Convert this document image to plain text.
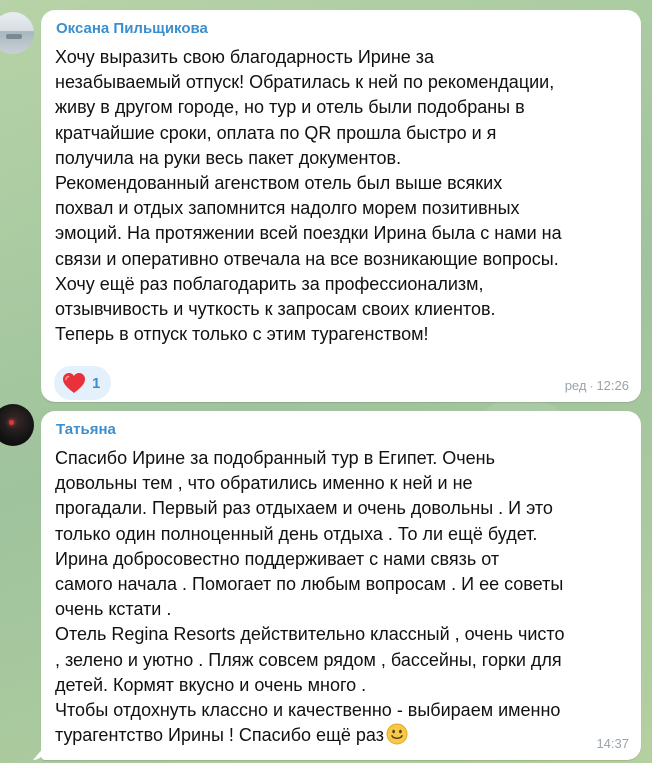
Оксана Пильщикова

Хочу выразить свою благодарность Ирине за
незабываемый отпуск! Обратилась к ней по рекомендации,
живу в другом городе, но тур и отель были подобраны в
кратчайшие сроки, оплата по QR прошла быстро и я
получила на руки весь пакет документов.
Рекомендованный агенством отель был выше всяких
похвал и отдых запомнится надолго морем позитивных
эмоций. На протяжении всей поездки Ирина была с нами на
связи и оперативно отвечала на все возникающие вопросы.
Хочу ещё раз поблагодарить за профессионализм,
отзывчивость и чуткость к запросам своих клиентов.
Теперь в отпуск только с этим турагенством!

1	ред · 12:26
Татьяна

Спасибо Ирине за подобранный тур в Египет. Очень
довольны тем , что обратились именно к ней и не
прогадали. Первый раз отдыхаем и очень довольны . И это
только один полноценный день отдыха . То ли ещё будет.
Ирина добросовестно поддерживает с нами связь от
самого начала . Помогает по любым вопросам . И ее советы
очень кстати .
Отель Regina Resorts действительно классный , очень чисто
, зелено и уютно . Пляж совсем рядом , бассейны, горки для
детей. Кормят вкусно и очень много .
Чтобы отдохнуть классно и качественно - выбираем именно
турагентство Ирины ! Спасибо ещё раз	14:37
